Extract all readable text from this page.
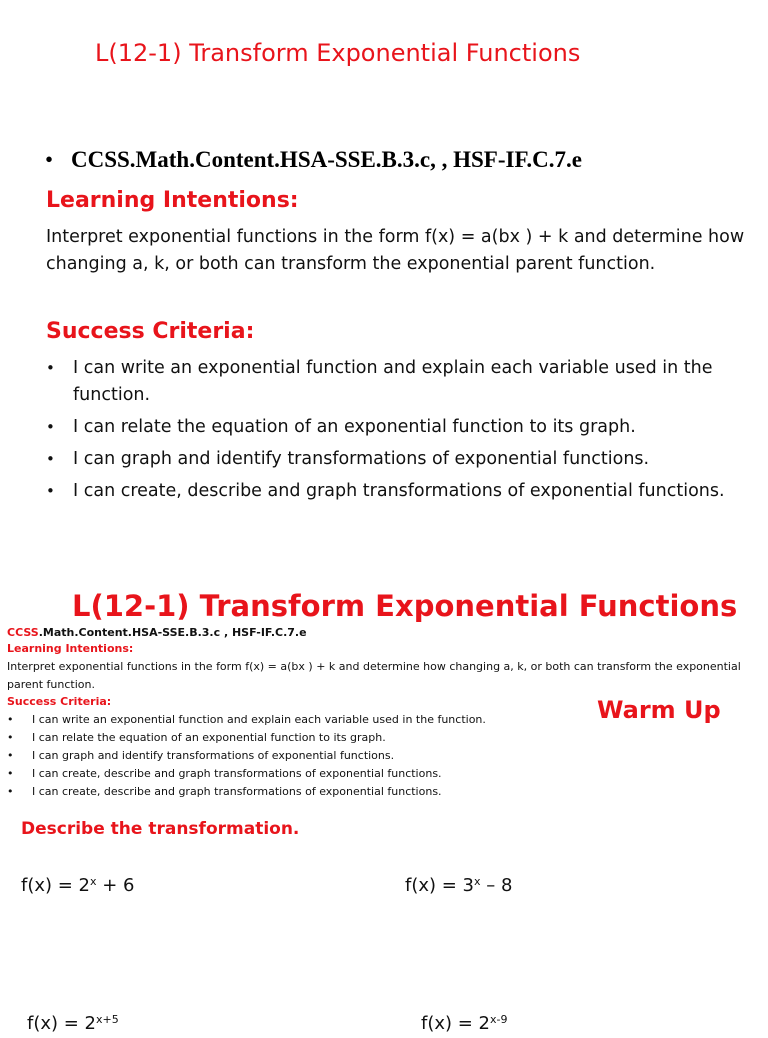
L(12-1) Transform Exponential Functions
• CCSS.Math.Content.HSA-SSE.B.3.c, , HSF-IF.C.7.e
Learning Intentions:
Interpret exponential functions in the form f(x) = a(bx ) + k and determine how changing a, k, or both can transform the exponential parent function.
Success Criteria:
• I can write an exponential function and explain each variable used in the function.
• I can relate the equation of an exponential function to its graph.
• I can graph and identify transformations of exponential functions.
• I can create, describe and graph transformations of exponential functions.
L(12-1) Transform Exponential Functions
CCSS.Math.Content.HSA-SSE.B.3.c , HSF-IF.C.7.e
Learning Intentions:
Interpret exponential functions in the form f(x) = a(bx ) + k and determine how changing a, k, or both can transform the exponential parent function.
Success Criteria:
• I can write an exponential function and explain each variable used in the function.
• I can relate the equation of an exponential function to its graph.
• I can graph and identify transformations of exponential functions.
• I can create, describe and graph transformations of exponential functions.
• I can create, describe and graph transformations of exponential functions.
Warm Up
Describe the transformation.
$f(x) = 2^x + 6$	$f(x) = 3^x - 8$
$f(x) = 2^{x+5}$	$f(x) = 2^{x-9}$
